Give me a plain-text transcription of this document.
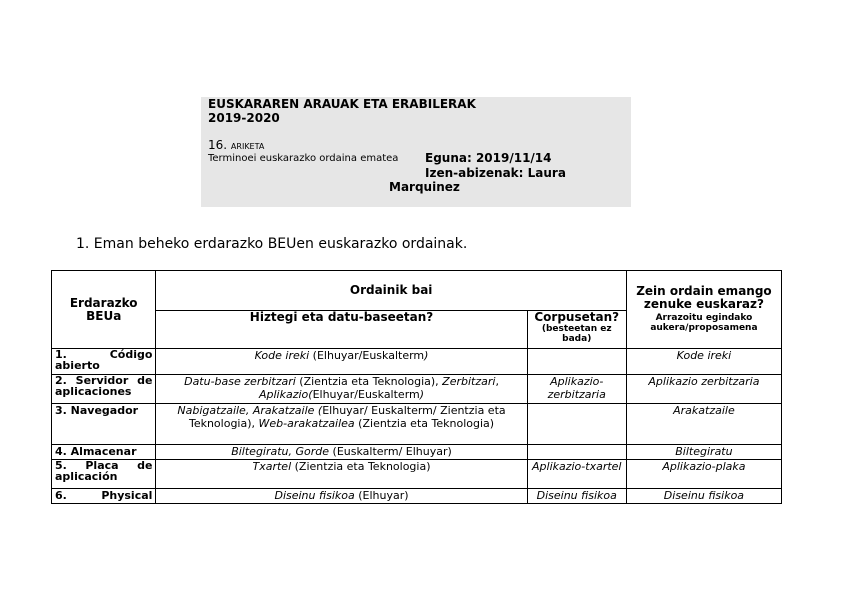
EUSKARAREN ARAUAK ETA ERABILERAK
2019-2020
16. ARIKETA
Terminoei euskarazko ordaina ematea Eguna: 2019/11/14
Izen-abizenak: Laura
Marquinez
1. Eman beheko erdarazko BEUen euskarazko ordainak.
Erdarazko BEUa	Ordainik bai		Zein ordain emango zenuke euskaraz?
Arrazoitu egindako aukera/proposamena

	Hiztegi eta datu-baseetan?	Corpusetan?
(besteetan ez bada)	

1. Código
abierto	Kode ireki (Elhuyar/Euskalterm)		Kode ireki
2. Servidor de aplicaciones	Datu-base zerbitzari (Zientzia eta Teknologia), Zerbitzari, Aplikazio(Elhuyar/Euskalterm)	Aplikazio-zerbitzaria	Aplikazio zerbitzaria
3. Navegador	Nabigatzaile, Arakatzaile (Elhuyar/ Euskalterm/ Zientzia eta Teknologia), Web-arakatzailea (Zientzia eta Teknologia)		Arakatzaile
4. Almacenar	Biltegiratu, Gorde (Euskalterm/ Elhuyar)		Biltegiratu

5. Placa de
aplicación	Txartel (Zientzia eta Teknologia)	Aplikazio-txartel	Aplikazio-plaka

6. Physical	Diseinu fisikoa (Elhuyar)	Diseinu fisikoa	Diseinu fisikoa
